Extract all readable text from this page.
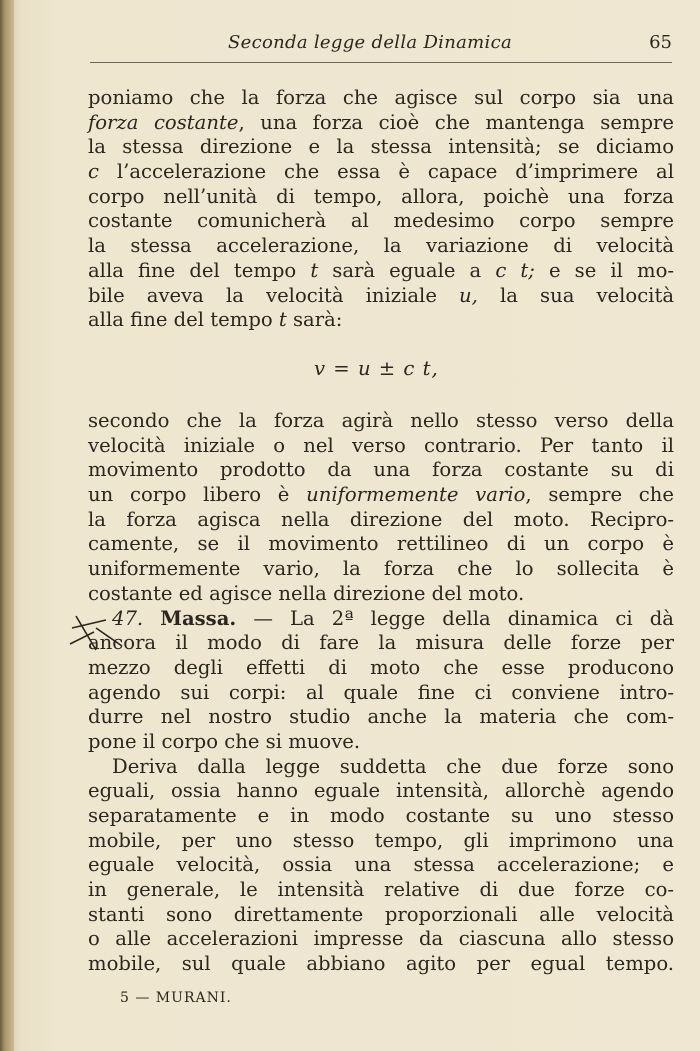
Seconda legge della Dinamica	65
poniamo che la forza che agisce sul corpo sia una
forza costante, una forza cioè che mantenga sempre
la stessa direzione e la stessa intensità; se diciamo
c l’accelerazione che essa è capace d’imprimere al
corpo nell’unità di tempo, allora, poichè una forza
costante comunicherà al medesimo corpo sempre
la stessa accelerazione, la variazione di velocità
alla fine del tempo t sarà eguale a c t; e se il mo-
bile aveva la velocità iniziale u, la sua velocità
alla fine del tempo t sarà:
v = u ± c t,
secondo che la forza agirà nello stesso verso della
velocità iniziale o nel verso contrario. Per tanto il
movimento prodotto da una forza costante su di
un corpo libero è uniformemente vario, sempre che
la forza agisca nella direzione del moto. Recipro-
camente, se il movimento rettilineo di un corpo è
uniformemente vario, la forza che lo sollecita è
costante ed agisce nella direzione del moto.
47. Massa. — La 2ª legge della dinamica ci dà
ancora il modo di fare la misura delle forze per
mezzo degli effetti di moto che esse producono
agendo sui corpi: al quale fine ci conviene intro-
durre nel nostro studio anche la materia che com-
pone il corpo che si muove.
Deriva dalla legge suddetta che due forze sono
eguali, ossia hanno eguale intensità, allorchè agendo
separatamente e in modo costante su uno stesso
mobile, per uno stesso tempo, gli imprimono una
eguale velocità, ossia una stessa accelerazione; e
in generale, le intensità relative di due forze co-
stanti sono direttamente proporzionali alle velocità
o alle accelerazioni impresse da ciascuna allo stesso
mobile, sul quale abbiano agito per egual tempo.
5 — MURANI.
